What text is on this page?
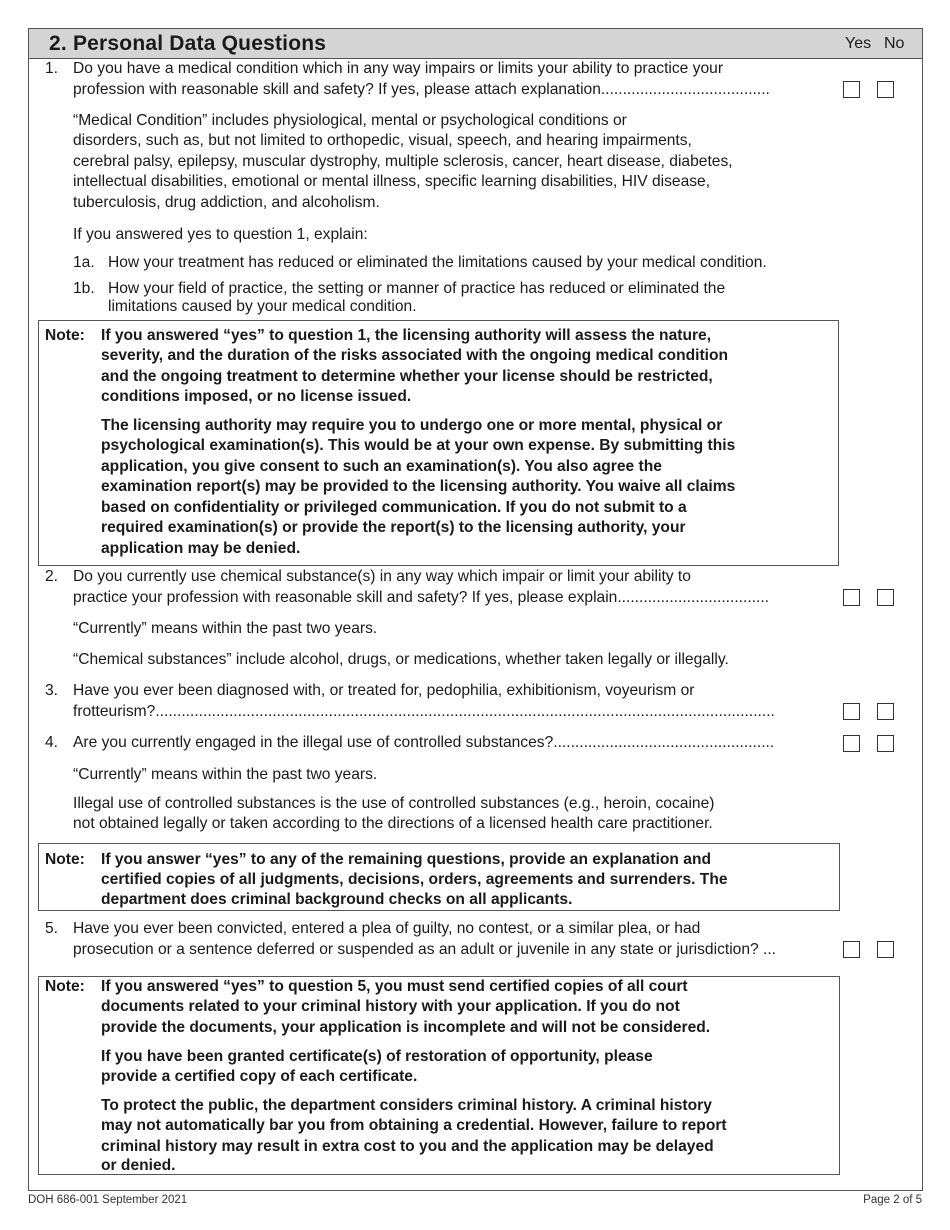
2. Personal Data Questions	Yes No
1. Do you have a medical condition which in any way impairs or limits your ability to practice your
profession with reasonable skill and safety? If yes, please attach explanation.......................................
“Medical Condition” includes physiological, mental or psychological conditions or
disorders, such as, but not limited to orthopedic, visual, speech, and hearing impairments,
cerebral palsy, epilepsy, muscular dystrophy, multiple sclerosis, cancer, heart disease, diabetes,
intellectual disabilities, emotional or mental illness, specific learning disabilities, HIV disease,
tuberculosis, drug addiction, and alcoholism.
If you answered yes to question 1, explain:
1a. How your treatment has reduced or eliminated the limitations caused by your medical condition.
1b. How your field of practice, the setting or manner of practice has reduced or eliminated the
limitations caused by your medical condition.
Note: If you answered “yes” to question 1, the licensing authority will assess the nature,
severity, and the duration of the risks associated with the ongoing medical condition
and the ongoing treatment to determine whether your license should be restricted,
conditions imposed, or no license issued.
The licensing authority may require you to undergo one or more mental, physical or
psychological examination(s). This would be at your own expense. By submitting this
application, you give consent to such an examination(s). You also agree the
examination report(s) may be provided to the licensing authority. You waive all claims
based on confidentiality or privileged communication. If you do not submit to a
required examination(s) or provide the report(s) to the licensing authority, your
application may be denied.
2. Do you currently use chemical substance(s) in any way which impair or limit your ability to
practice your profession with reasonable skill and safety? If yes, please explain...................................
“Currently” means within the past two years.
“Chemical substances” include alcohol, drugs, or medications, whether taken legally or illegally.
3. Have you ever been diagnosed with, or treated for, pedophilia, exhibitionism, voyeurism or
frotteurism?...............................................................................................................................................
4. Are you currently engaged in the illegal use of controlled substances?...................................................
“Currently” means within the past two years.
Illegal use of controlled substances is the use of controlled substances (e.g., heroin, cocaine)
not obtained legally or taken according to the directions of a licensed health care practitioner.
Note: If you answer “yes” to any of the remaining questions, provide an explanation and
certified copies of all judgments, decisions, orders, agreements and surrenders. The
department does criminal background checks on all applicants.
5. Have you ever been convicted, entered a plea of guilty, no contest, or a similar plea, or had
prosecution or a sentence deferred or suspended as an adult or juvenile in any state or jurisdiction? ...
Note: If you answered “yes” to question 5, you must send certified copies of all court
documents related to your criminal history with your application. If you do not
provide the documents, your application is incomplete and will not be considered.
If you have been granted certificate(s) of restoration of opportunity, please
provide a certified copy of each certificate.
To protect the public, the department considers criminal history. A criminal history
may not automatically bar you from obtaining a credential. However, failure to report
criminal history may result in extra cost to you and the application may be delayed
or denied.
DOH 686-001 September 2021	Page 2 of 5
